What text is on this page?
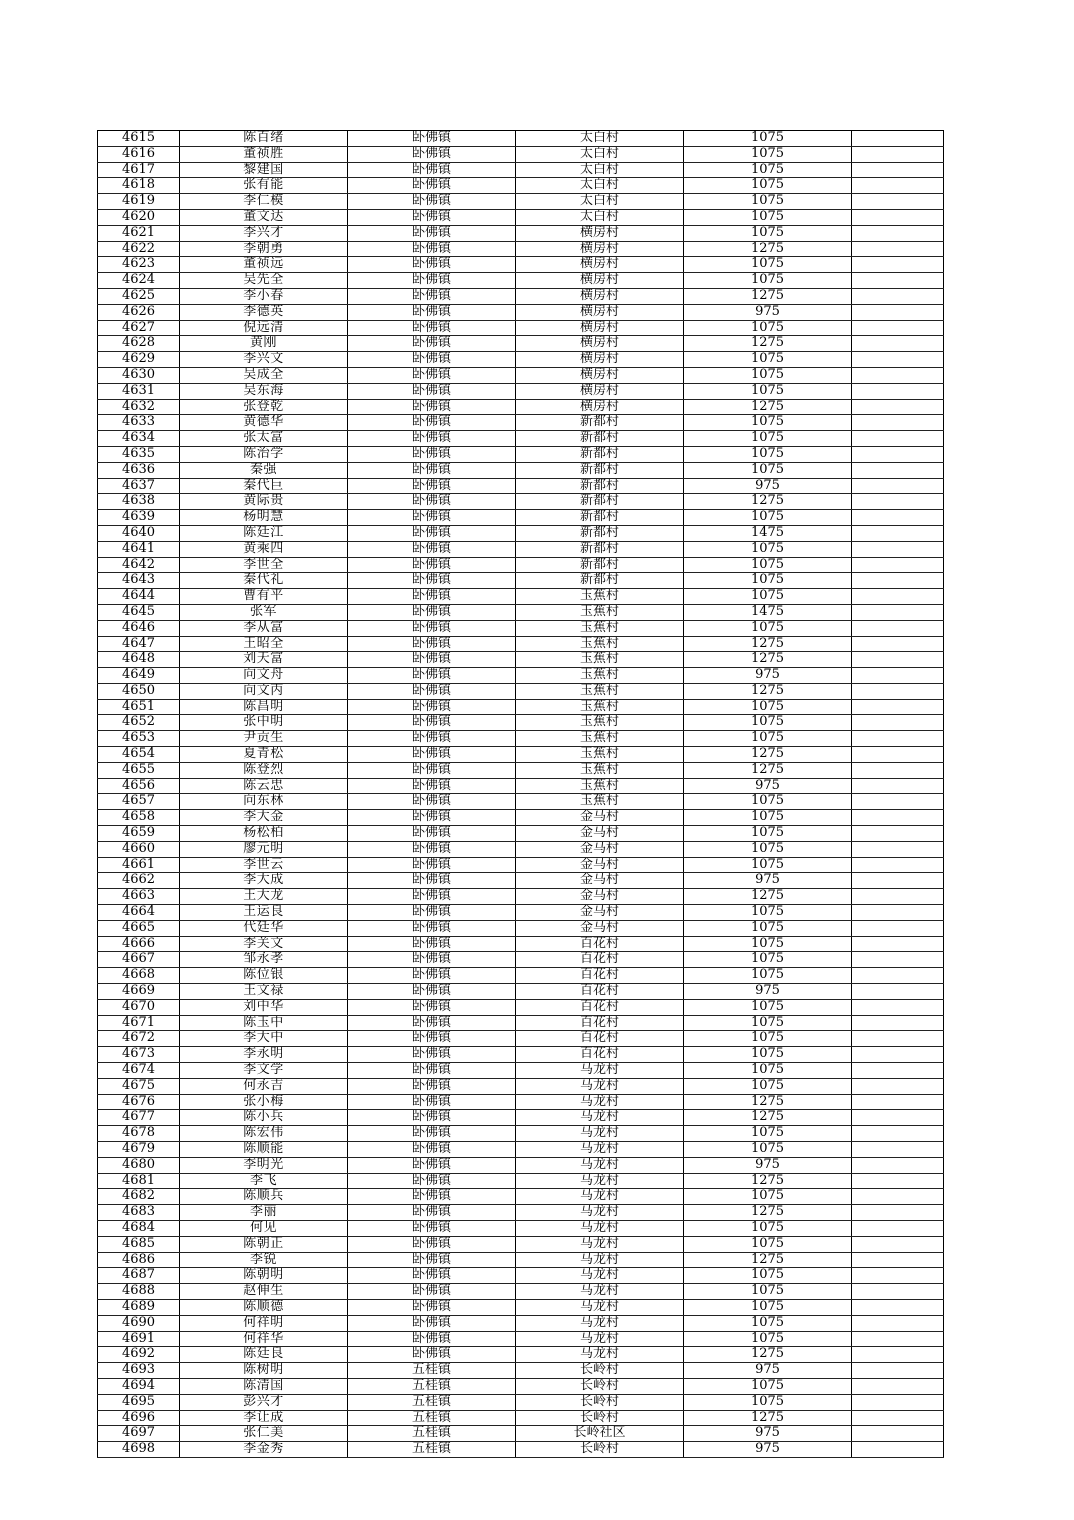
4615	陈百绪	卧佛镇	太白村	1075	
4616	董祯胜	卧佛镇	太白村	1075	
4617	黎建国	卧佛镇	太白村	1075	
4618	张有能	卧佛镇	太白村	1075	
4619	李仁模	卧佛镇	太白村	1075	
4620	董文达	卧佛镇	太白村	1075	
4621	李兴才	卧佛镇	横房村	1075	
4622	李朝勇	卧佛镇	横房村	1275	
4623	董祯远	卧佛镇	横房村	1075	
4624	吴先全	卧佛镇	横房村	1075	
4625	李小春	卧佛镇	横房村	1275	
4626	李德英	卧佛镇	横房村	975	
4627	倪远清	卧佛镇	横房村	1075	
4628	黄刚	卧佛镇	横房村	1275	
4629	李兴文	卧佛镇	横房村	1075	
4630	吴成全	卧佛镇	横房村	1075	
4631	吴东海	卧佛镇	横房村	1075	
4632	张登乾	卧佛镇	横房村	1275	
4633	黄德华	卧佛镇	新都村	1075	
4634	张太富	卧佛镇	新都村	1075	
4635	陈治学	卧佛镇	新都村	1075	
4636	秦强	卧佛镇	新都村	1075	
4637	秦代巨	卧佛镇	新都村	975	
4638	黄际贵	卧佛镇	新都村	1275	
4639	杨明慧	卧佛镇	新都村	1075	
4640	陈廷江	卧佛镇	新都村	1475	
4641	黄乘四	卧佛镇	新都村	1075	
4642	李世全	卧佛镇	新都村	1075	
4643	秦代礼	卧佛镇	新都村	1075	
4644	曹有平	卧佛镇	玉蕉村	1075	
4645	张军	卧佛镇	玉蕉村	1475	
4646	李从富	卧佛镇	玉蕉村	1075	
4647	王昭全	卧佛镇	玉蕉村	1275	
4648	刘天富	卧佛镇	玉蕉村	1275	
4649	向文舟	卧佛镇	玉蕉村	975	
4650	向文丙	卧佛镇	玉蕉村	1275	
4651	陈昌明	卧佛镇	玉蕉村	1075	
4652	张中明	卧佛镇	玉蕉村	1075	
4653	尹贡生	卧佛镇	玉蕉村	1075	
4654	夏青松	卧佛镇	玉蕉村	1275	
4655	陈登烈	卧佛镇	玉蕉村	1275	
4656	陈云忠	卧佛镇	玉蕉村	975	
4657	向东林	卧佛镇	玉蕉村	1075	
4658	李大金	卧佛镇	金马村	1075	
4659	杨松柏	卧佛镇	金马村	1075	
4660	廖元明	卧佛镇	金马村	1075	
4661	李世云	卧佛镇	金马村	1075	
4662	李大成	卧佛镇	金马村	975	
4663	王大龙	卧佛镇	金马村	1275	
4664	王运良	卧佛镇	金马村	1075	
4665	代廷华	卧佛镇	金马村	1075	
4666	李关文	卧佛镇	百花村	1075	
4667	邹永孝	卧佛镇	百花村	1075	
4668	陈位银	卧佛镇	百花村	1075	
4669	王文禄	卧佛镇	百花村	975	
4670	刘中华	卧佛镇	百花村	1075	
4671	陈玉中	卧佛镇	百花村	1075	
4672	李大中	卧佛镇	百花村	1075	
4673	李永明	卧佛镇	百花村	1075	
4674	李文学	卧佛镇	马龙村	1075	
4675	何永吉	卧佛镇	马龙村	1075	
4676	张小梅	卧佛镇	马龙村	1275	
4677	陈小兵	卧佛镇	马龙村	1275	
4678	陈宏伟	卧佛镇	马龙村	1075	
4679	陈顺能	卧佛镇	马龙村	1075	
4680	李明光	卧佛镇	马龙村	975	
4681	李飞	卧佛镇	马龙村	1275	
4682	陈顺兵	卧佛镇	马龙村	1075	
4683	李丽	卧佛镇	马龙村	1275	
4684	何见	卧佛镇	马龙村	1075	
4685	陈朝正	卧佛镇	马龙村	1075	
4686	李锐	卧佛镇	马龙村	1275	
4687	陈朝明	卧佛镇	马龙村	1075	
4688	赵伸生	卧佛镇	马龙村	1075	
4689	陈顺德	卧佛镇	马龙村	1075	
4690	何祥明	卧佛镇	马龙村	1075	
4691	何祥华	卧佛镇	马龙村	1075	
4692	陈廷良	卧佛镇	马龙村	1275	
4693	陈树明	五桂镇	长岭村	975	
4694	陈清国	五桂镇	长岭村	1075	
4695	彭兴才	五桂镇	长岭村	1075	
4696	李让成	五桂镇	长岭村	1275	
4697	张仁美	五桂镇	长岭社区	975	
4698	李金秀	五桂镇	长岭村	975	
